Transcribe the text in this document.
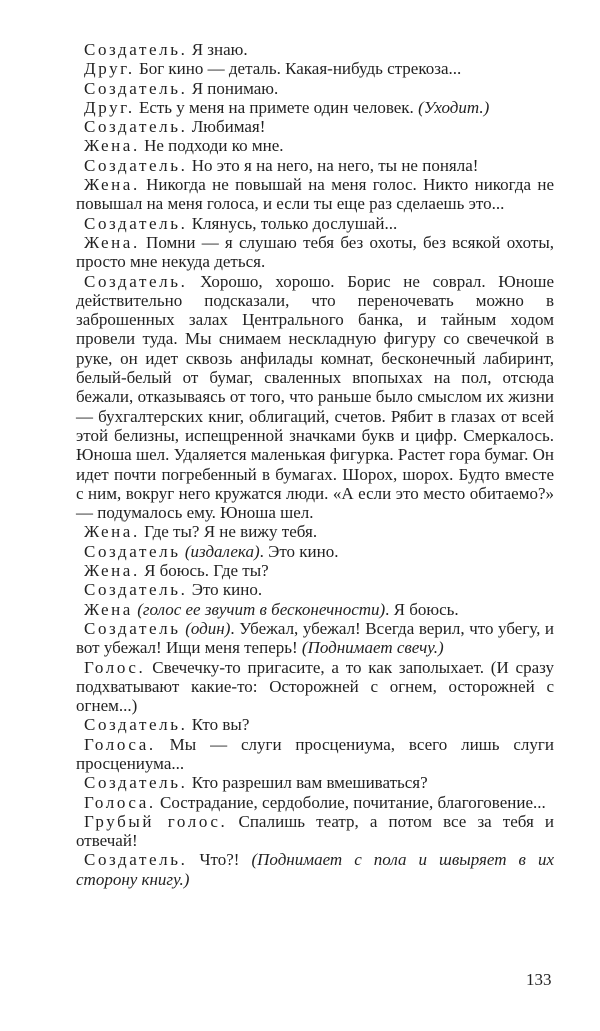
Создатель. Я знаю.

Друг. Бог кино — деталь. Какая-нибудь стрекоза...

Создатель. Я понимаю.

Друг. Есть у меня на примете один человек. (Уходит.)

Создатель. Любимая!

Жена. Не подходи ко мне.

Создатель. Но это я на него, на него, ты не поняла!

Жена. Никогда не повышай на меня голос. Никто никогда не повышал на меня голоса, и если ты еще раз сделаешь это...

Создатель. Клянусь, только дослушай...

Жена. Помни — я слушаю тебя без охоты, без всякой охоты, просто мне некуда деться.

Создатель. Хорошо, хорошо. Борис не соврал. Юноше действительно подсказали, что переночевать можно в заброшенных залах Центрального банка, и тайным ходом провели туда. Мы снимаем нескладную фигуру со свечечкой в руке, он идет сквозь анфилады комнат, бесконечный лабиринт, белый-белый от бумаг, сваленных впопыхах на пол, отсюда бежали, отказываясь от того, что раньше было смыслом их жизни — бухгалтерских книг, облигаций, счетов. Рябит в глазах от всей этой белизны, испещренной значками букв и цифр. Смеркалось. Юноша шел. Удаляется маленькая фигурка. Растет гора бумаг. Он идет почти погребенный в бумагах. Шорох, шорох. Будто вместе с ним, вокруг него кружатся люди. «А если это место обитаемо?» — подумалось ему. Юноша шел.

Жена. Где ты? Я не вижу тебя.

Создатель (издалека). Это кино.

Жена. Я боюсь. Где ты?

Создатель. Это кино.

Жена (голос ее звучит в бесконечности). Я боюсь.

Создатель (один). Убежал, убежал! Всегда верил, что убегу, и вот убежал! Ищи меня теперь! (Поднимает свечу.)

Голос. Свечечку-то пригасите, а то как заполыхает. (И сразу подхватывают какие-то: Осторожней с огнем, осторожней с огнем...)

Создатель. Кто вы?

Голоса. Мы — слуги просцениума, всего лишь слуги просцениума...

Создатель. Кто разрешил вам вмешиваться?

Голоса. Сострадание, сердоболие, почитание, благоговение...

Грубый голос. Спалишь театр, а потом все за тебя и отвечай!

Создатель. Что?! (Поднимает с пола и швыряет в их сторону книгу.)

133
